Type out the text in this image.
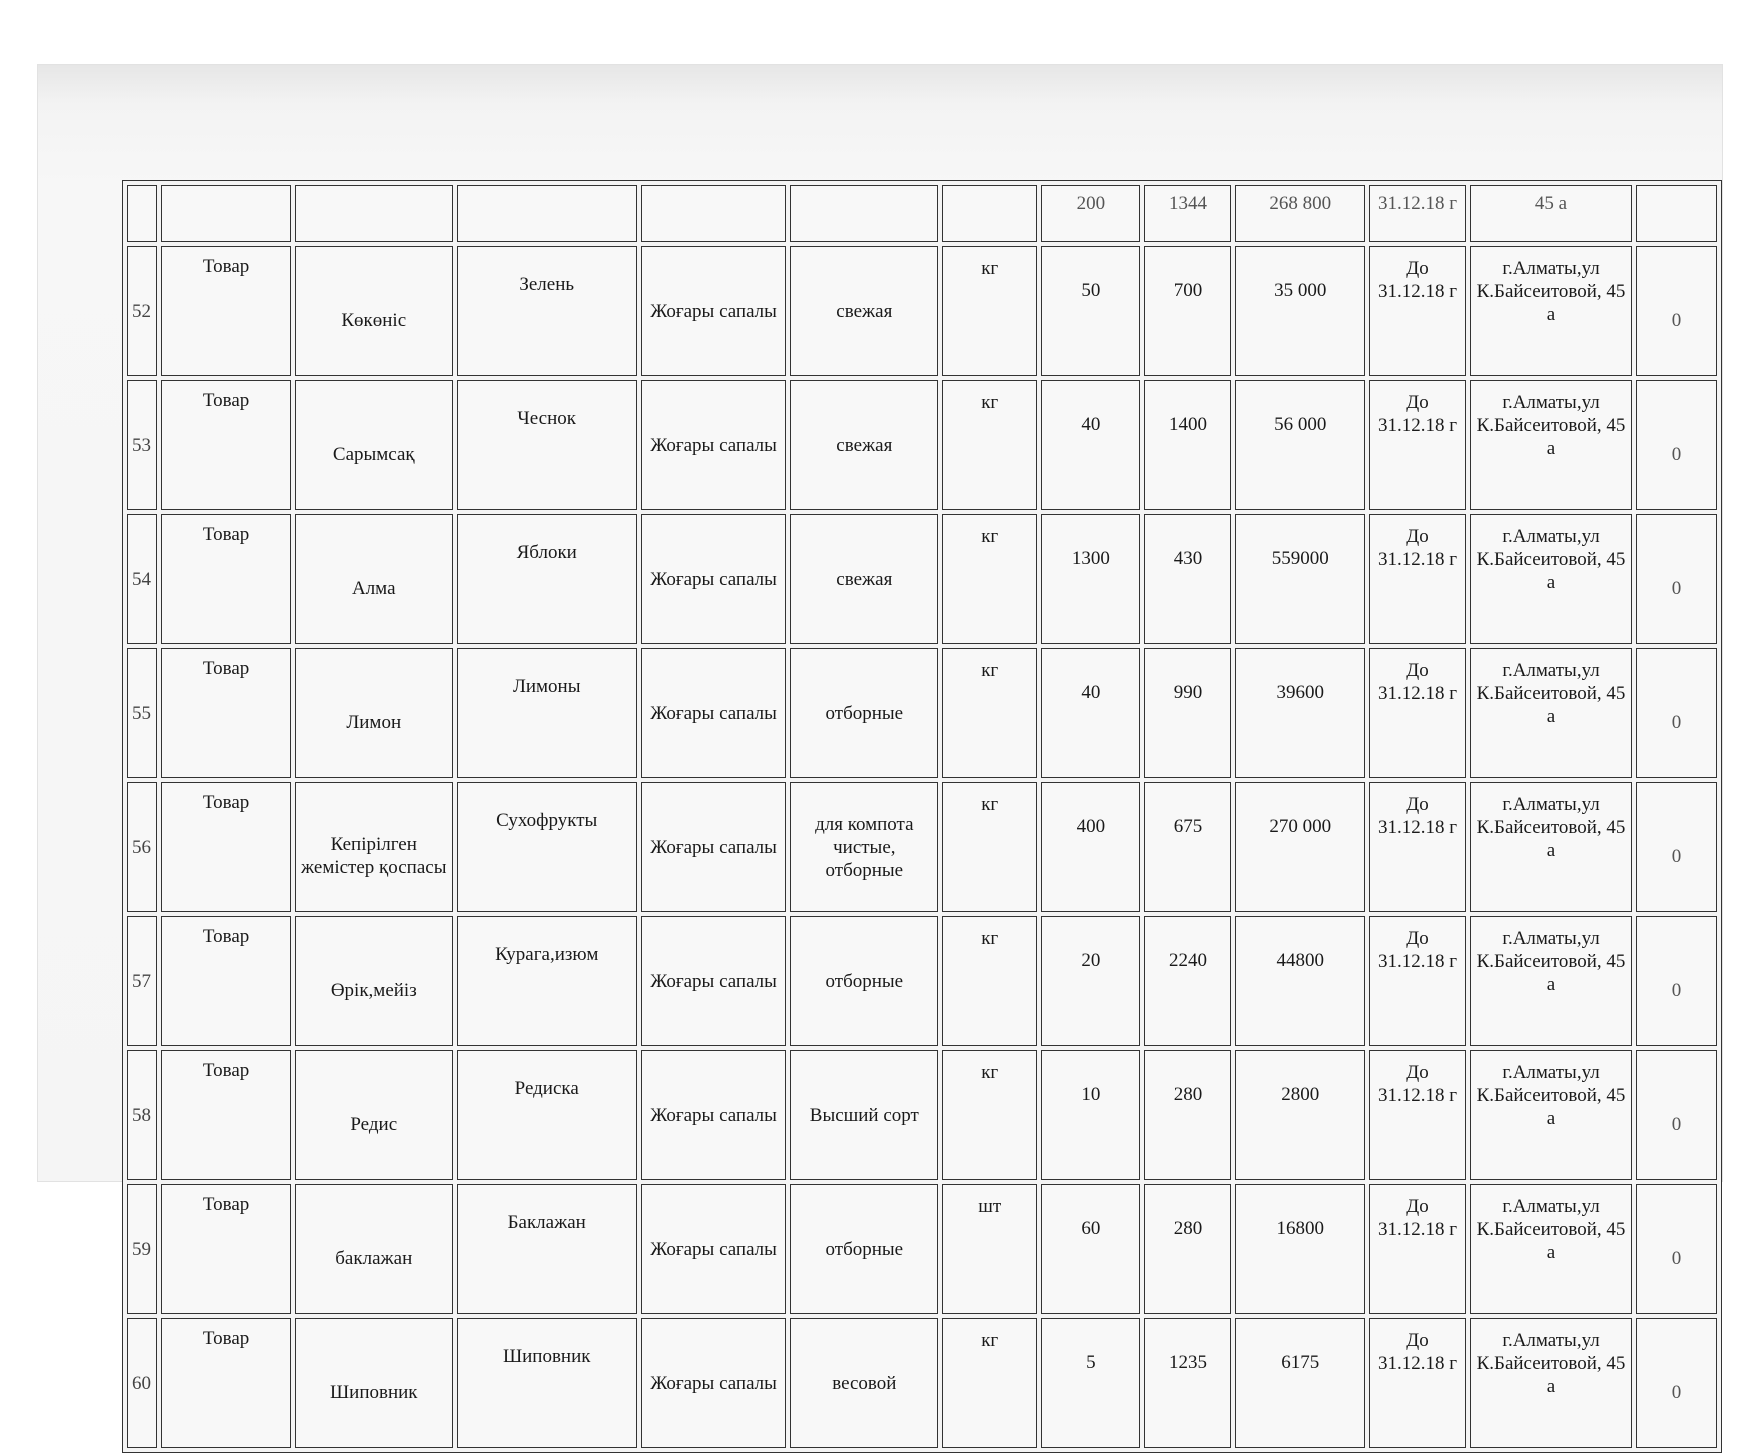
							200	1344	268 800	31.12.18 г	45 а	
52	Товар	Көкөніс	Зелень	Жоғары сапалы	свежая	кг	50	700	35 000	До 31.12.18 г	г.Алматы,ул К.Байсеитовой, 45 а	0
53	Товар	Сарымсақ	Чеснок	Жоғары сапалы	свежая	кг	40	1400	56 000	До 31.12.18 г	г.Алматы,ул К.Байсеитовой, 45 а	0
54	Товар	Алма	Яблоки	Жоғары сапалы	свежая	кг	1300	430	559000	До 31.12.18 г	г.Алматы,ул К.Байсеитовой, 45 а	0
55	Товар	Лимон	Лимоны	Жоғары сапалы	отборные	кг	40	990	39600	До 31.12.18 г	г.Алматы,ул К.Байсеитовой, 45 а	0
56	Товар	Кепірілген жемістер қоспасы	Сухофрукты	Жоғары сапалы	для компота чистые, отборные	кг	400	675	270 000	До 31.12.18 г	г.Алматы,ул К.Байсеитовой, 45 а	0
57	Товар	Өрік,мейіз	Курага,изюм	Жоғары сапалы	отборные	кг	20	2240	44800	До 31.12.18 г	г.Алматы,ул К.Байсеитовой, 45 а	0
58	Товар	Редис	Редиска	Жоғары сапалы	Высший сорт	кг	10	280	2800	До 31.12.18 г	г.Алматы,ул К.Байсеитовой, 45 а	0
59	Товар	баклажан	Баклажан	Жоғары сапалы	отборные	шт	60	280	16800	До 31.12.18 г	г.Алматы,ул К.Байсеитовой, 45 а	0
60	Товар	Шиповник	Шиповник	Жоғары сапалы	весовой	кг	5	1235	6175	До 31.12.18 г	г.Алматы,ул К.Байсеитовой, 45 а	0
